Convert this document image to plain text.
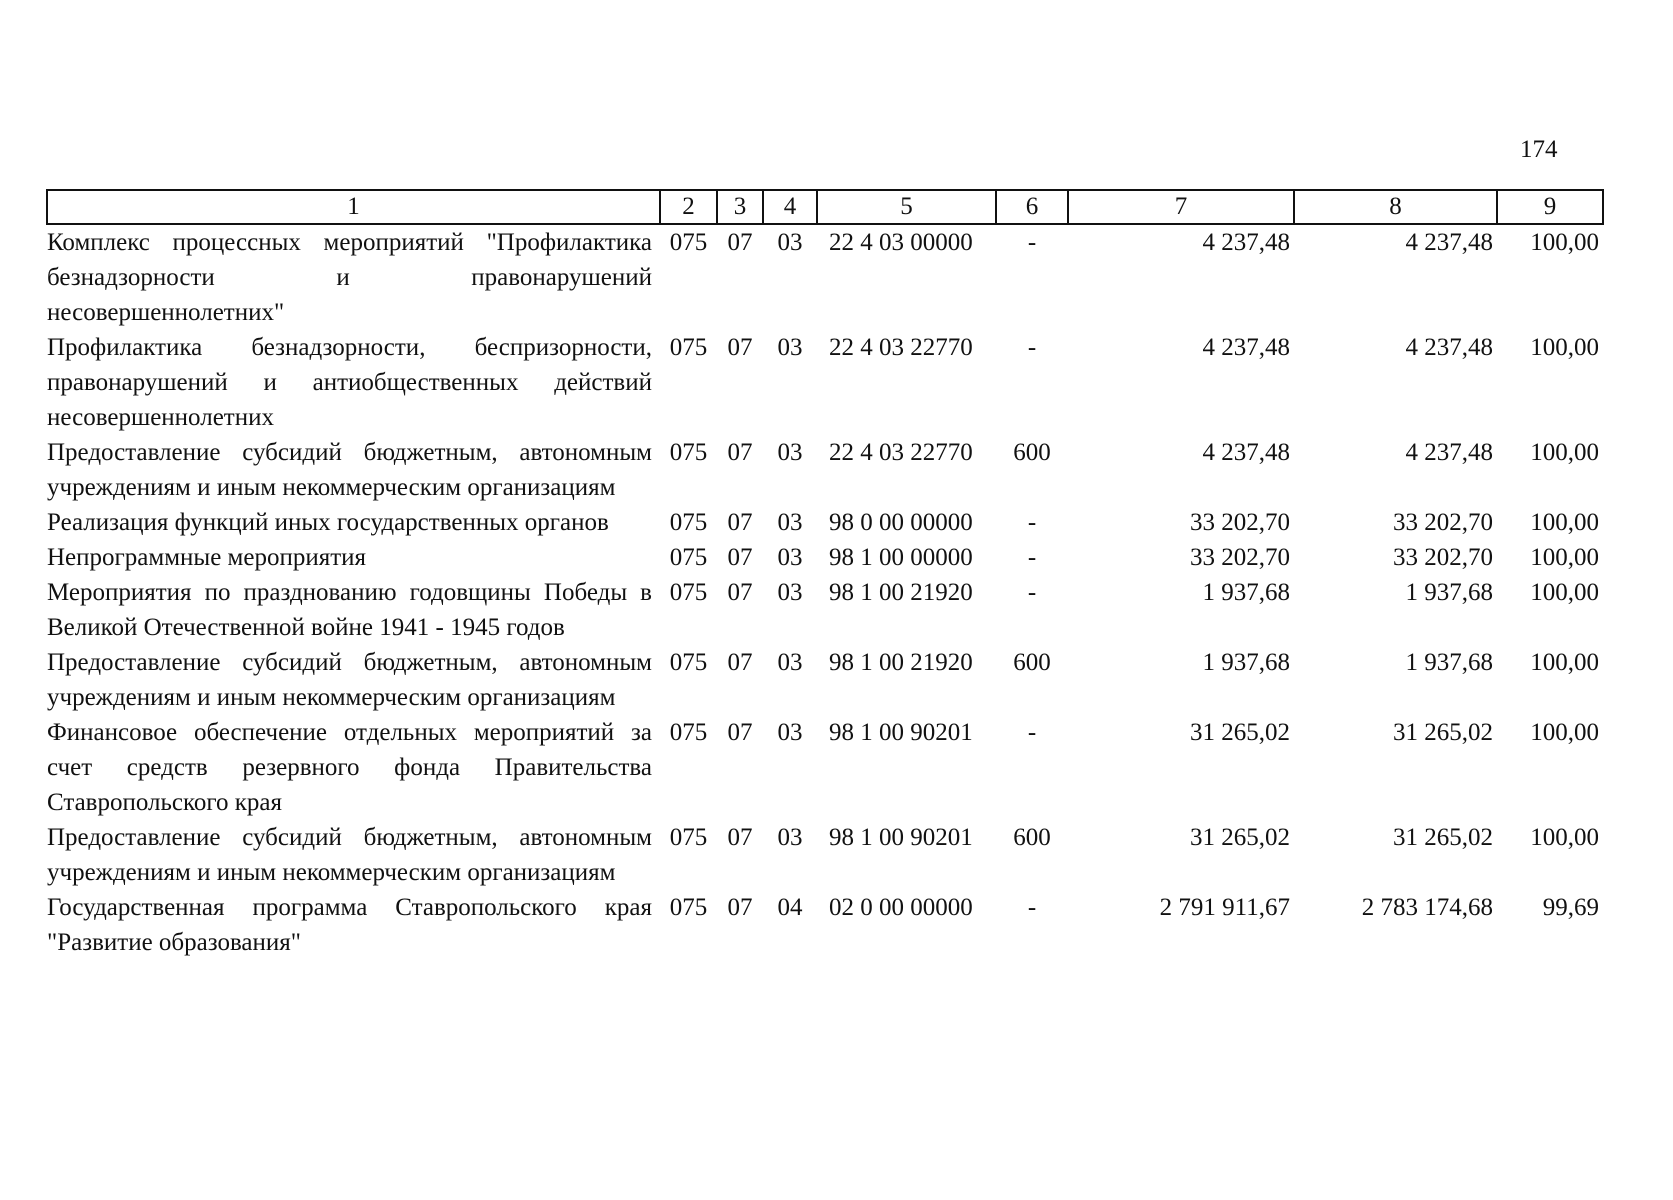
174
1	2	3	4	5	6	7	8	9
Комплекс процессных мероприятий "Профилактика безнадзорности и правонарушений несовершеннолетних"	075	07	03	22 4 03 00000	-	4 237,48	4 237,48	100,00
Профилактика безнадзорности, беспризорности, правонарушений и антиобщественных действий несовершеннолетних	075	07	03	22 4 03 22770	-	4 237,48	4 237,48	100,00
Предоставление субсидий бюджетным, автономным учреждениям и иным некоммерческим организациям	075	07	03	22 4 03 22770	600	4 237,48	4 237,48	100,00
Реализация функций иных государственных органов	075	07	03	98 0 00 00000	-	33 202,70	33 202,70	100,00
Непрограммные мероприятия	075	07	03	98 1 00 00000	-	33 202,70	33 202,70	100,00
Мероприятия по празднованию годовщины Победы в Великой Отечественной войне 1941 - 1945 годов	075	07	03	98 1 00 21920	-	1 937,68	1 937,68	100,00
Предоставление субсидий бюджетным, автономным учреждениям и иным некоммерческим организациям	075	07	03	98 1 00 21920	600	1 937,68	1 937,68	100,00
Финансовое обеспечение отдельных мероприятий за счет средств резервного фонда Правительства Ставропольского края	075	07	03	98 1 00 90201	-	31 265,02	31 265,02	100,00
Предоставление субсидий бюджетным, автономным учреждениям и иным некоммерческим организациям	075	07	03	98 1 00 90201	600	31 265,02	31 265,02	100,00
Государственная программа Ставропольского края "Развитие образования"	075	07	04	02 0 00 00000	-	2 791 911,67	2 783 174,68	99,69
